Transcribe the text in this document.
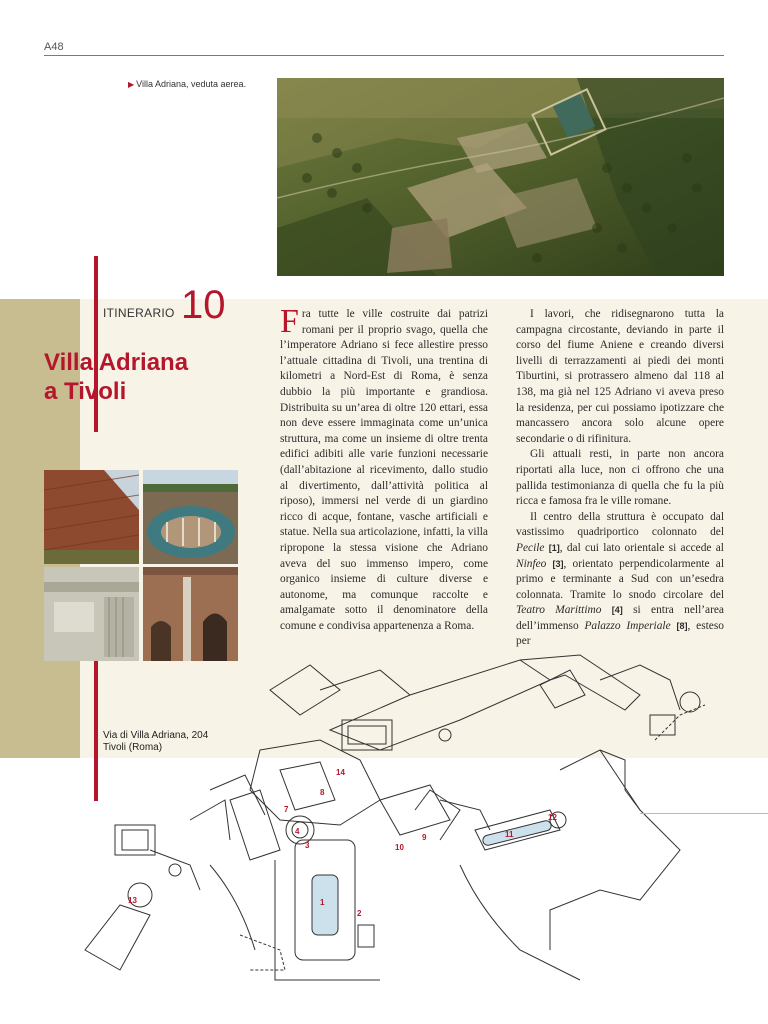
A48
▶ Villa Adriana, veduta aerea.
ITINERARIO 10
Villa Adriana
a Tivoli
Via di Villa Adriana, 204
Tivoli (Roma)

Fra tutte le ville costruite dai patrizi romani per il proprio svago, quella che l’imperatore Adriano si fece allestire presso l’attuale cittadina di Tivoli, una trentina di kilometri a Nord-Est di Roma, è senza dubbio la più importante e grandiosa. Distribuita su un’area di oltre 120 ettari, essa non deve essere immaginata come un’unica struttura, ma come un insieme di oltre trenta edifici adibiti alle varie funzioni necessarie (dall’abitazione al ricevimento, dallo studio al divertimento, dall’attività politica al riposo), immersi nel verde di un giardino ricco di acque, fontane, vasche artificiali e statue. Nella sua articolazione, infatti, la villa ripropone la stessa visione che Adriano aveva del suo immenso impero, come organico insieme di culture diverse e autonome, ma comunque raccolte e amalgamate sotto il denominatore della comune e condivisa appartenenza a Roma.

I lavori, che ridisegnarono tutta la campagna circostante, deviando in parte il corso del fiume Aniene e creando diversi livelli di terrazzamenti ai piedi dei monti Tiburtini, si protrassero almeno dal 118 al 138, ma già nel 125 Adriano vi aveva preso la residenza, per cui possiamo ipotizzare che mancassero ancora solo alcune opere secondarie o di rifinitura.

Gli attuali resti, in parte non ancora riportati alla luce, non ci offrono che una pallida testimonianza di quella che fu la più ricca e famosa fra le ville romane.

Il centro della struttura è occupato dal vastissimo quadriportico colonnato del Pecile [1], dal cui lato orientale si accede al Ninfeo [3], orientato perpendicolarmente al primo e terminante a Sud con un’esedra colonnata. Tramite lo snodo circolare del Teatro Marittimo [4] si entra nell’area dell’immenso Palazzo Imperiale [8], esteso per

1
2
3
4
7
8
9
10
11
12
13
14
